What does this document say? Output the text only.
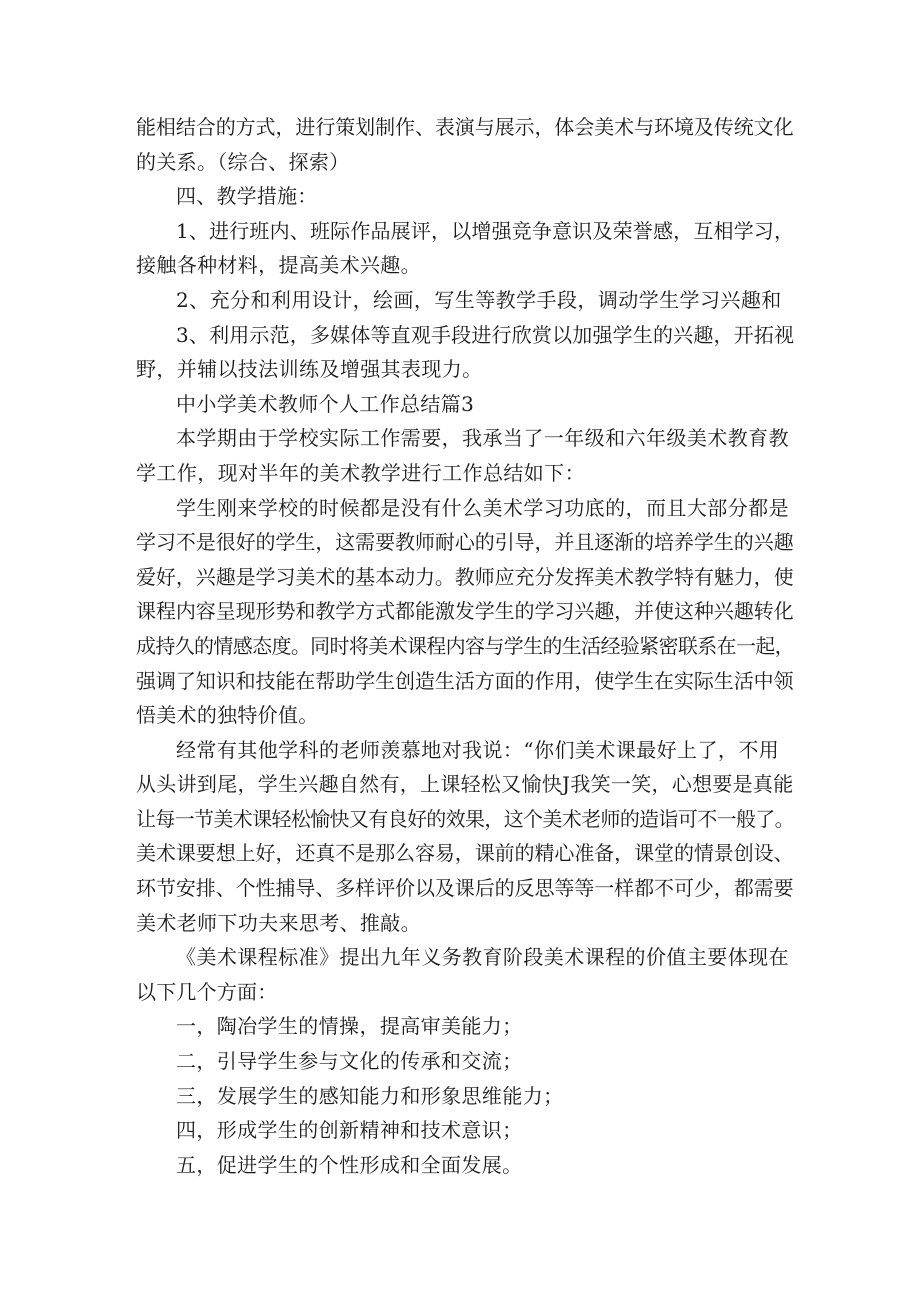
能相结合的方式，进行策划制作、表演与展示，体会美术与环境及传统文化
的关系。（综合、探索）

四、教学措施：

1、进行班内、班际作品展评，以增强竞争意识及荣誉感，互相学习，
接触各种材料，提高美术兴趣。

2、充分和利用设计，绘画，写生等教学手段，调动学生学习兴趣和

3、利用示范，多媒体等直观手段进行欣赏以加强学生的兴趣，开拓视
野，并辅以技法训练及增强其表现力。

中小学美术教师个人工作总结篇3

本学期由于学校实际工作需要，我承当了一年级和六年级美术教育教
学工作，现对半年的美术教学进行工作总结如下：

学生刚来学校的时候都是没有什么美术学习功底的，而且大部分都是
学习不是很好的学生，这需要教师耐心的引导，并且逐渐的培养学生的兴趣
爱好，兴趣是学习美术的基本动力。教师应充分发挥美术教学特有魅力，使
课程内容呈现形势和教学方式都能激发学生的学习兴趣，并使这种兴趣转化
成持久的情感态度。同时将美术课程内容与学生的生活经验紧密联系在一起，
强调了知识和技能在帮助学生创造生活方面的作用，使学生在实际生活中领
悟美术的独特价值。

经常有其他学科的老师羡慕地对我说：“你们美术课最好上了，不用
从头讲到尾，学生兴趣自然有，上课轻松又愉快J我笑一笑，心想要是真能
让每一节美术课轻松愉快又有良好的效果，这个美术老师的造诣可不一般了。
美术课要想上好，还真不是那么容易，课前的精心准备，课堂的情景创设、
环节安排、个性捕导、多样评价以及课后的反思等等一样都不可少，都需要
美术老师下功夫来思考、推敲。

《美术课程标准》提出九年义务教育阶段美术课程的价值主要体现在
以下几个方面：

一，陶冶学生的情操，提高审美能力；

二，引导学生参与文化的传承和交流；

三，发展学生的感知能力和形象思维能力；

四，形成学生的创新精神和技术意识；

五，促进学生的个性形成和全面发展。
